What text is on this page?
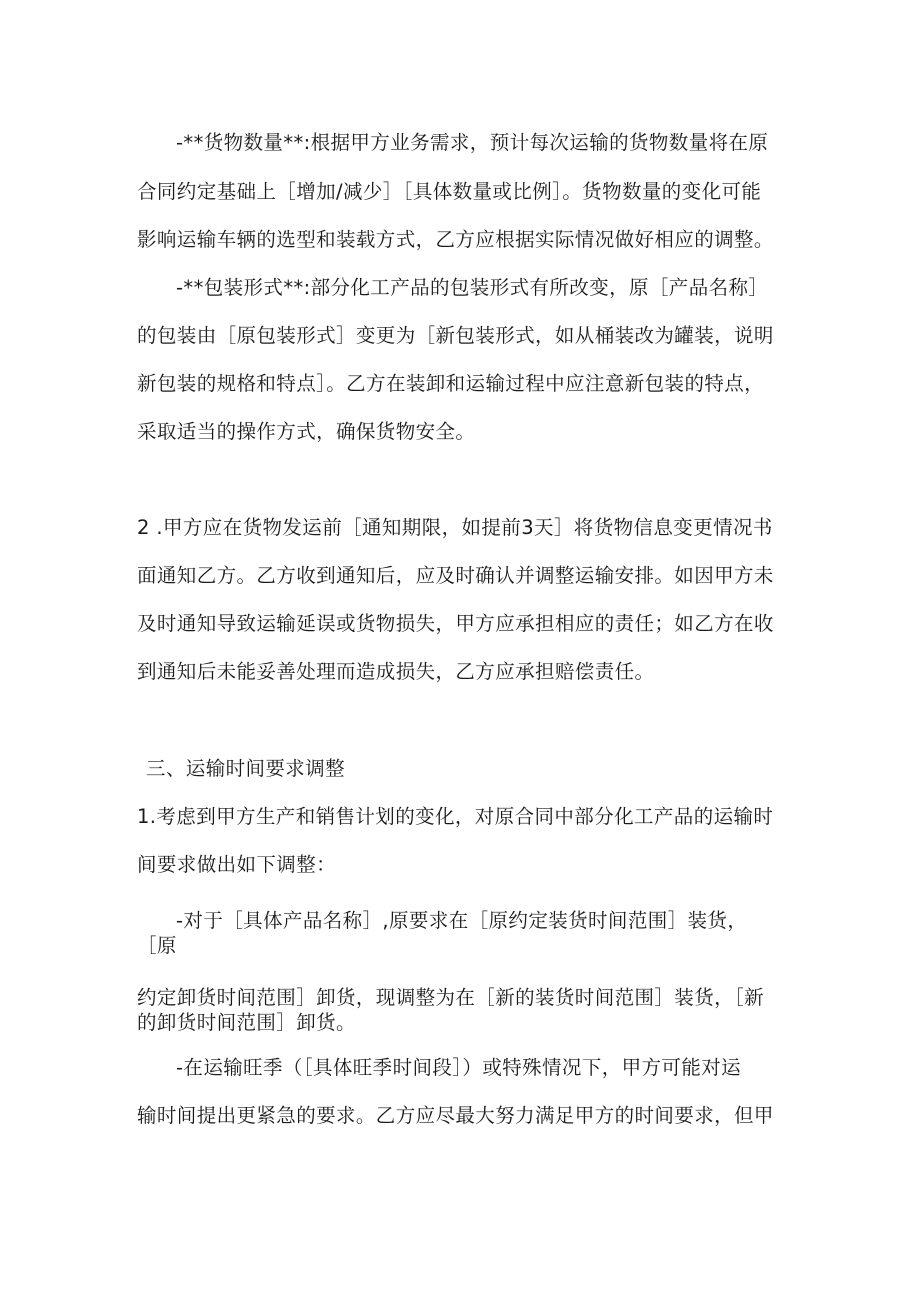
-**货物数量**:根据甲方业务需求，预计每次运输的货物数量将在原
合同约定基础上［增加/减少］［具体数量或比例］。货物数量的变化可能
影响运输车辆的选型和装载方式，乙方应根据实际情况做好相应的调整。
-**包装形式**:部分化工产品的包装形式有所改变，原［产品名称］
的包装由［原包装形式］变更为［新包装形式，如从桶装改为罐装，说明
新包装的规格和特点］。乙方在装卸和运输过程中应注意新包装的特点，
采取适当的操作方式，确保货物安全。
2 .甲方应在货物发运前［通知期限，如提前3天］将货物信息变更情况书
面通知乙方。乙方收到通知后，应及时确认并调整运输安排。如因甲方未
及时通知导致运输延误或货物损失，甲方应承担相应的责任；如乙方在收
到通知后未能妥善处理而造成损失，乙方应承担赔偿责任。
三、运输时间要求调整
1.考虑到甲方生产和销售计划的变化，对原合同中部分化工产品的运输时
间要求做出如下调整：
-对于［具体产品名称］,原要求在［原约定装货时间范围］装货，
［原
约定卸货时间范围］卸货，现调整为在［新的装货时间范围］装货，［新
的卸货时间范围］卸货。
-在运输旺季（［具体旺季时间段］）或特殊情况下，甲方可能对运
输时间提出更紧急的要求。乙方应尽最大努力满足甲方的时间要求，但甲
